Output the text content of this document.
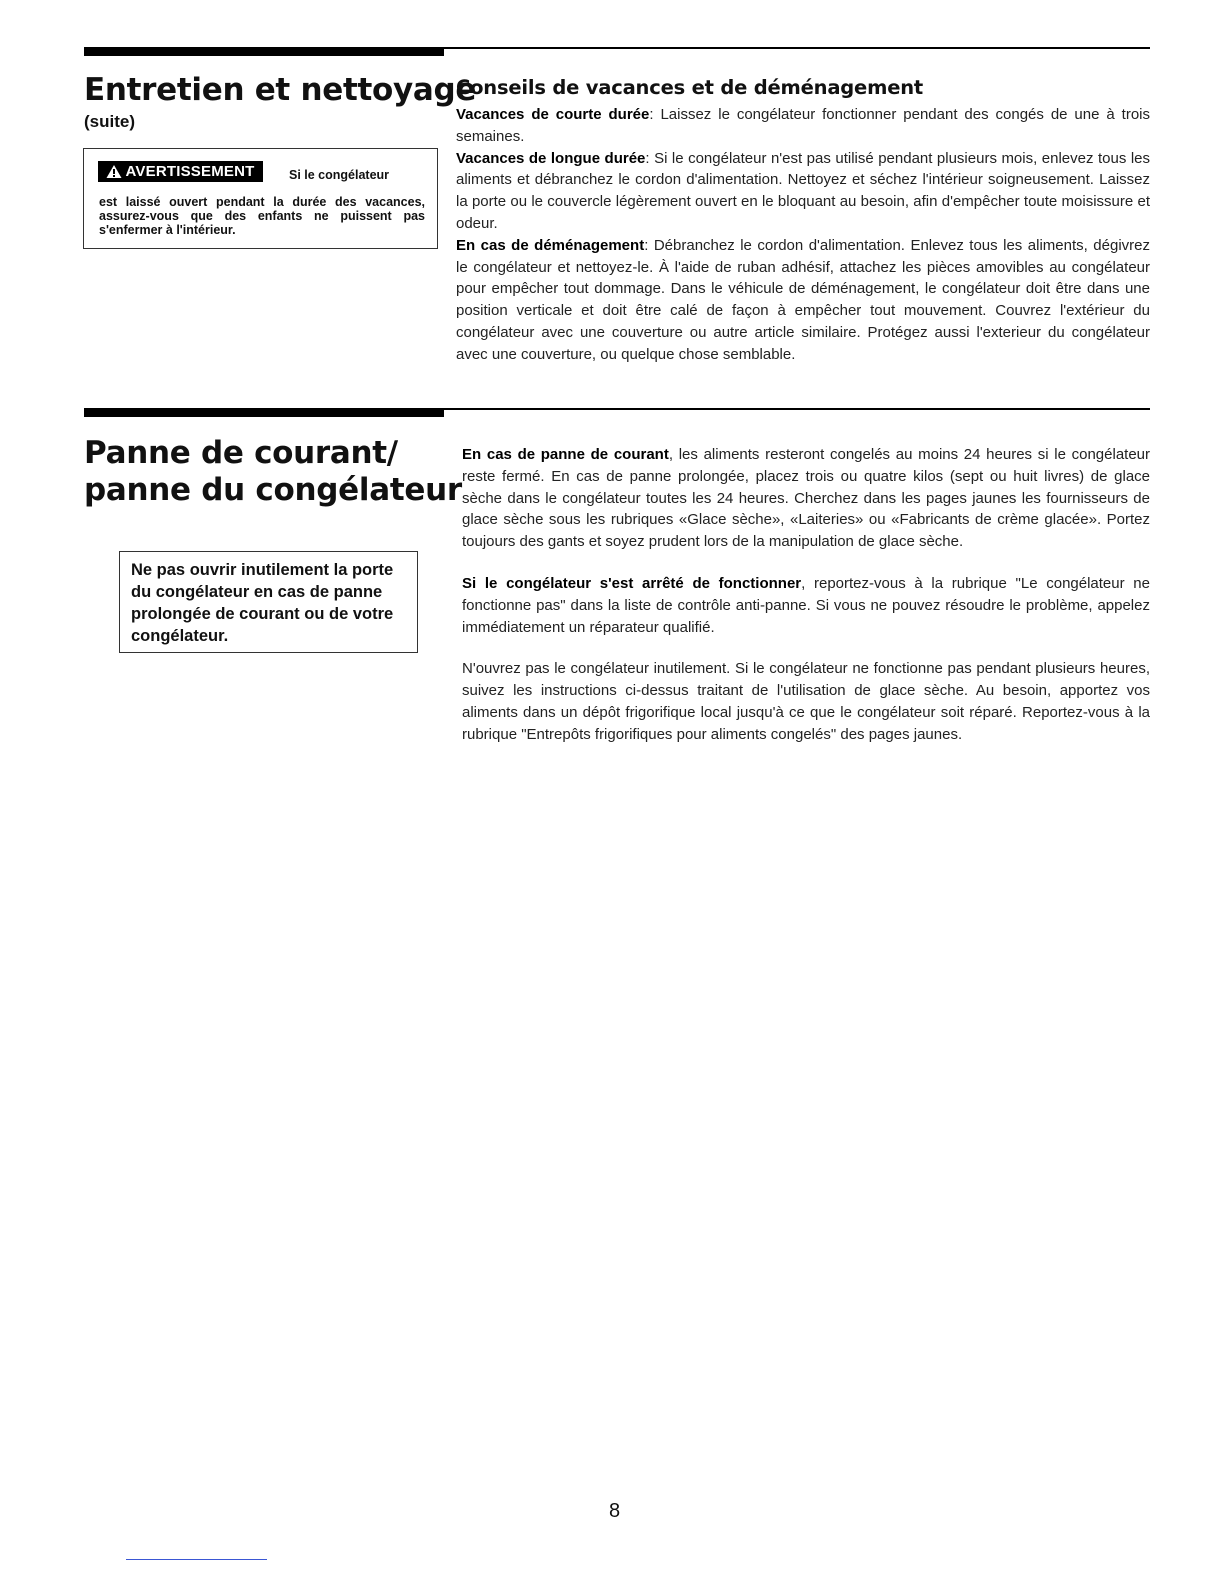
Entretien et nettoyage
(suite)
AVERTISSEMENT	Si le congélateur
est laissé ouvert pendant la durée des vacances, assurez-vous que des enfants ne puissent pas s'enfermer à l'intérieur.
Conseils de vacances et de déménagement

Vacances de courte durée: Laissez le congélateur fonctionner pendant des congés de une à trois semaines.

Vacances de longue durée: Si le congélateur n'est pas utilisé pendant plusieurs mois, enlevez tous les aliments et débranchez le cordon d'alimentation. Nettoyez et séchez l'intérieur soigneusement. Laissez la porte ou le couvercle légèrement ouvert en le bloquant au besoin, afin d'empêcher toute moisissure et odeur.

En cas de déménagement: Débranchez le cordon d'alimentation. Enlevez tous les aliments, dégivrez le congélateur et nettoyez-le. À l'aide de ruban adhésif, attachez les pièces amovibles au congélateur pour empêcher tout dommage. Dans le véhicule de déménagement, le congélateur doit être dans une position verticale et doit être calé de façon à empêcher tout mouvement. Couvrez l'extérieur du congélateur avec une couverture ou autre article similaire. Protégez aussi l'exterieur du congélateur avec une couverture, ou quelque chose semblable.

Panne de courant/
panne du congélateur
Ne pas ouvrir inutilement la porte du congélateur en cas de panne prolongée de courant ou de votre congélateur.

En cas de panne de courant, les aliments resteront congelés au moins 24 heures si le congélateur reste fermé. En cas de panne prolongée, placez trois ou quatre kilos (sept ou huit livres) de glace sèche dans le congélateur toutes les 24 heures. Cherchez dans les pages jaunes les fournisseurs de glace sèche sous les rubriques «Glace sèche», «Laiteries» ou «Fabricants de crème glacée». Portez toujours des gants et soyez prudent lors de la manipulation de glace sèche.

Si le congélateur s'est arrêté de fonctionner, reportez-vous à la rubrique "Le congélateur ne fonctionne pas" dans la liste de contrôle anti-panne. Si vous ne pouvez résoudre le problème, appelez immédiatement un réparateur qualifié.

N'ouvrez pas le congélateur inutilement. Si le congélateur ne fonctionne pas pendant plusieurs heures, suivez les instructions ci-dessus traitant de l'utilisation de glace sèche. Au besoin, apportez vos aliments dans un dépôt frigorifique local jusqu'à ce que le congélateur soit réparé. Reportez-vous à la rubrique "Entrepôts frigorifiques pour aliments congelés" des pages jaunes.

8
